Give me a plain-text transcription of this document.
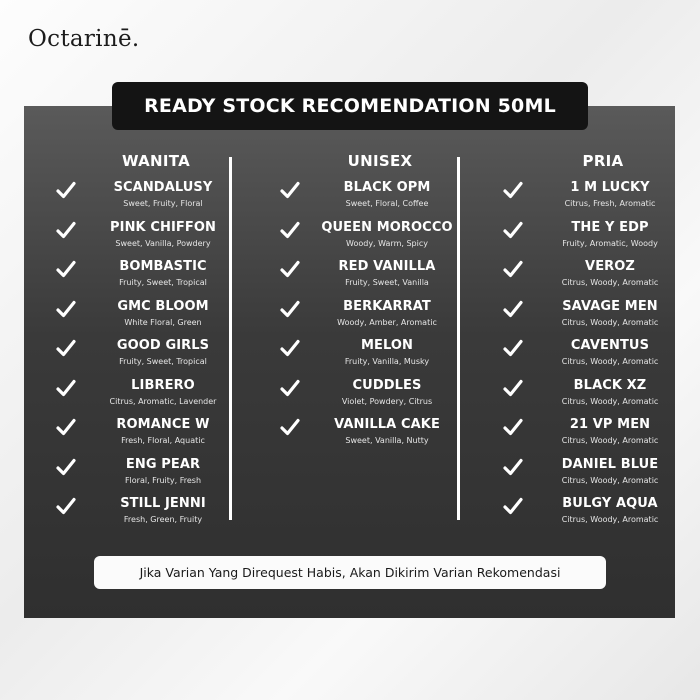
Octarinē.
READY STOCK RECOMENDATION 50ML
WANITA
SCANDALUSY
Sweet, Fruity, Floral
PINK CHIFFON
Sweet, Vanilla, Powdery
BOMBASTIC
Fruity, Sweet, Tropical
GMC BLOOM
White Floral, Green
GOOD GIRLS
Fruity, Sweet, Tropical
LIBRERO
Citrus, Aromatic, Lavender
ROMANCE W
Fresh, Floral, Aquatic
ENG PEAR
Floral, Fruity, Fresh
STILL JENNI
Fresh, Green, Fruity
UNISEX
BLACK OPM
Sweet, Floral, Coffee
QUEEN MOROCCO
Woody, Warm, Spicy
RED VANILLA
Fruity, Sweet, Vanilla
BERKARRAT
Woody, Amber, Aromatic
MELON
Fruity, Vanilla, Musky
CUDDLES
Violet, Powdery, Citrus
VANILLA CAKE
Sweet, Vanilla, Nutty
PRIA
1 M LUCKY
Citrus, Fresh, Aromatic
THE Y EDP
Fruity, Aromatic, Woody
VEROZ
Citrus, Woody, Aromatic
SAVAGE MEN
Citrus, Woody, Aromatic
CAVENTUS
Citrus, Woody, Aromatic
BLACK XZ
Citrus, Woody, Aromatic
21 VP MEN
Citrus, Woody, Aromatic
DANIEL BLUE
Citrus, Woody, Aromatic
BULGY AQUA
Citrus, Woody, Aromatic
Jika Varian Yang Direquest Habis, Akan Dikirim Varian Rekomendasi
